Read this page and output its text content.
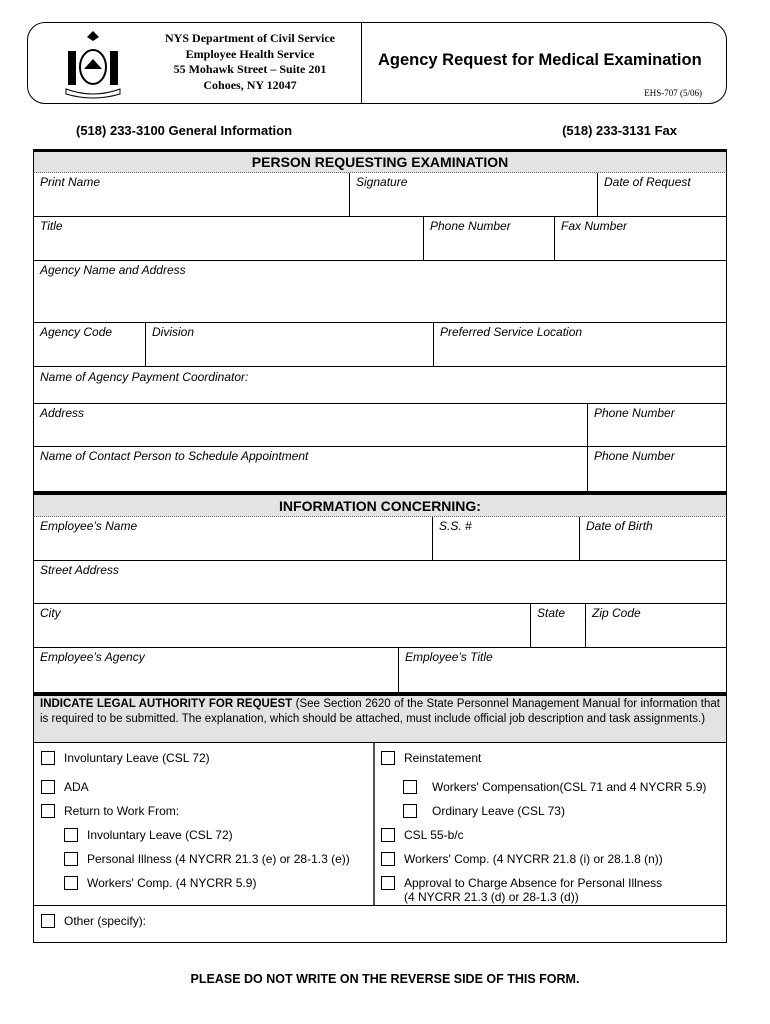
NYS Department of Civil Service
Employee Health Service
55 Mohawk Street – Suite 201
Cohoes, NY 12047
Agency Request for Medical Examination
EHS-707 (5/06)
(518) 233-3100 General Information	(518) 233-3131 Fax
PERSON REQUESTING EXAMINATION
Print Name	Signature	Date of Request
Title	Phone Number	Fax Number
Agency Name and Address
Agency Code	Division	Preferred Service Location
Name of Agency Payment Coordinator:
Address	Phone Number
Name of Contact Person to Schedule Appointment	Phone Number
INFORMATION CONCERNING:
Employee’s Name	S.S. #	Date of Birth
Street Address
City	State	Zip Code
Employee’s Agency	Employee’s Title
INDICATE LEGAL AUTHORITY FOR REQUEST (See Section 2620 of the State Personnel Management Manual for information that is required to be submitted. The explanation, which should be attached, must include official job description and task assignments.)
Involuntary Leave (CSL 72)
ADA
Return to Work From:
Involuntary Leave (CSL 72)
Personal Illness (4 NYCRR 21.3 (e) or 28-1.3 (e))
Workers' Comp. (4 NYCRR 5.9)
Reinstatement
Workers' Compensation(CSL 71 and 4 NYCRR 5.9)
Ordinary Leave (CSL 73)
CSL 55-b/c
Workers' Comp. (4 NYCRR 21.8 (i) or 28.1.8 (n))
Approval to Charge Absence for Personal Illness
(4 NYCRR 21.3 (d) or 28-1.3 (d))
Other (specify):
PLEASE DO NOT WRITE ON THE REVERSE SIDE OF THIS FORM.
